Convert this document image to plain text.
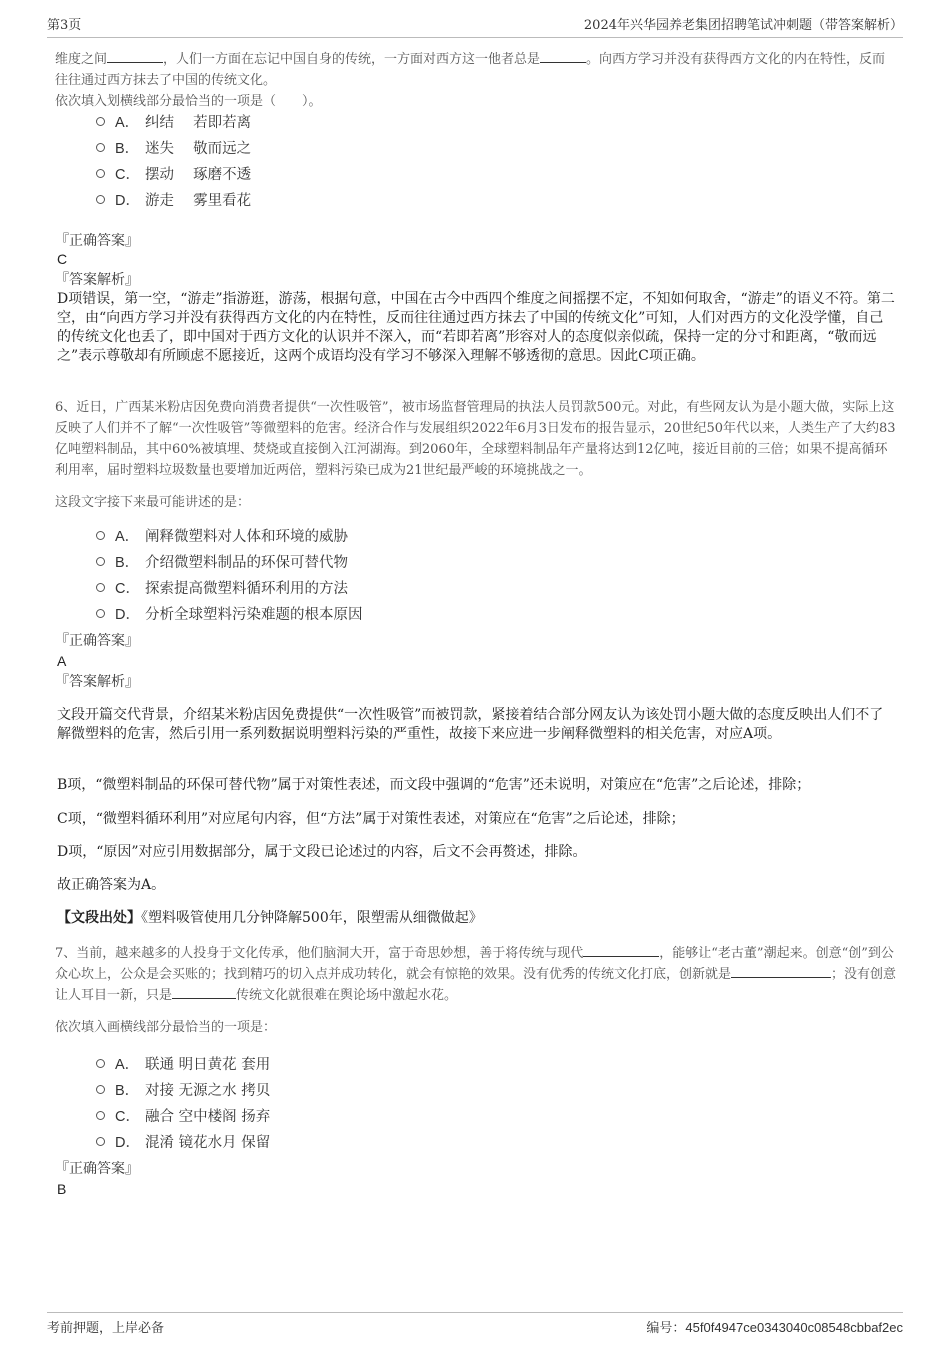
第3页	2024年兴华园养老集团招聘笔试冲刺题（带答案解析）
维度之间	，人们一方面在忘记中国自身的传统，一方面对西方这一他者总是	。向西方学习并没有获得西方文化的内在特性，反而往往通过西方抹去了中国的传统文化。
依次填入划横线部分最恰当的一项是（　　）。
A． 纠结　 若即若离
B． 迷失　 敬而远之
C． 摆动　 琢磨不透
D． 游走　 雾里看花
『正确答案』
C
『答案解析』
D项错误，第一空，“游走”指游逛，游荡，根据句意，中国在古今中西四个维度之间摇摆不定，不知如何取舍，“游走”的语义不符。第二空，由“向西方学习并没有获得西方文化的内在特性，反而往往通过西方抹去了中国的传统文化”可知，人们对西方的文化没学懂，自己的传统文化也丢了，即中国对于西方文化的认识并不深入，而“若即若离”形容对人的态度似亲似疏，保持一定的分寸和距离，“敬而远之”表示尊敬却有所顾虑不愿接近，这两个成语均没有学习不够深入理解不够透彻的意思。因此C项正确。
6、近日，广西某米粉店因免费向消费者提供“一次性吸管”，被市场监督管理局的执法人员罚款500元。对此，有些网友认为是小题大做，实际上这反映了人们并不了解“一次性吸管”等微塑料的危害。经济合作与发展组织2022年6月3日发布的报告显示，20世纪50年代以来，人类生产了大约83亿吨塑料制品，其中60%被填埋、焚烧或直接倒入江河湖海。到2060年，全球塑料制品年产量将达到12亿吨，接近目前的三倍；如果不提高循环利用率，届时塑料垃圾数量也要增加近两倍，塑料污染已成为21世纪最严峻的环境挑战之一。
这段文字接下来最可能讲述的是：
A． 阐释微塑料对人体和环境的威胁
B． 介绍微塑料制品的环保可替代物
C． 探索提高微塑料循环利用的方法
D． 分析全球塑料污染难题的根本原因
『正确答案』
A
『答案解析』
文段开篇交代背景，介绍某米粉店因免费提供“一次性吸管”而被罚款，紧接着结合部分网友认为该处罚小题大做的态度反映出人们不了解微塑料的危害，然后引用一系列数据说明塑料污染的严重性，故接下来应进一步阐释微塑料的相关危害，对应A项。
B项，“微塑料制品的环保可替代物”属于对策性表述，而文段中强调的“危害”还未说明，对策应在“危害”之后论述，排除；
C项，“微塑料循环利用”对应尾句内容，但“方法”属于对策性表述，对策应在“危害”之后论述，排除；
D项，“原因”对应引用数据部分，属于文段已论述过的内容，后文不会再赘述，排除。
故正确答案为A。
【文段出处】《塑料吸管使用几分钟降解500年，限塑需从细微做起》
7、当前，越来越多的人投身于文化传承，他们脑洞大开，富于奇思妙想，善于将传统与现代	，能够让“老古董”潮起来。创意“创”到公众心坎上，公众是会买账的；找到精巧的切入点并成功转化，就会有惊艳的效果。没有优秀的传统文化打底，创新就是	；没有创意让人耳目一新，只是	传统文化就很难在舆论场中激起水花。
依次填入画横线部分最恰当的一项是：
A． 联通 明日黄花 套用
B． 对接 无源之水 拷贝
C． 融合 空中楼阁 扬弃
D． 混淆 镜花水月 保留
『正确答案』
B
考前押题，上岸必备	编号：45f0f4947ce0343040c08548cbbaf2ec
